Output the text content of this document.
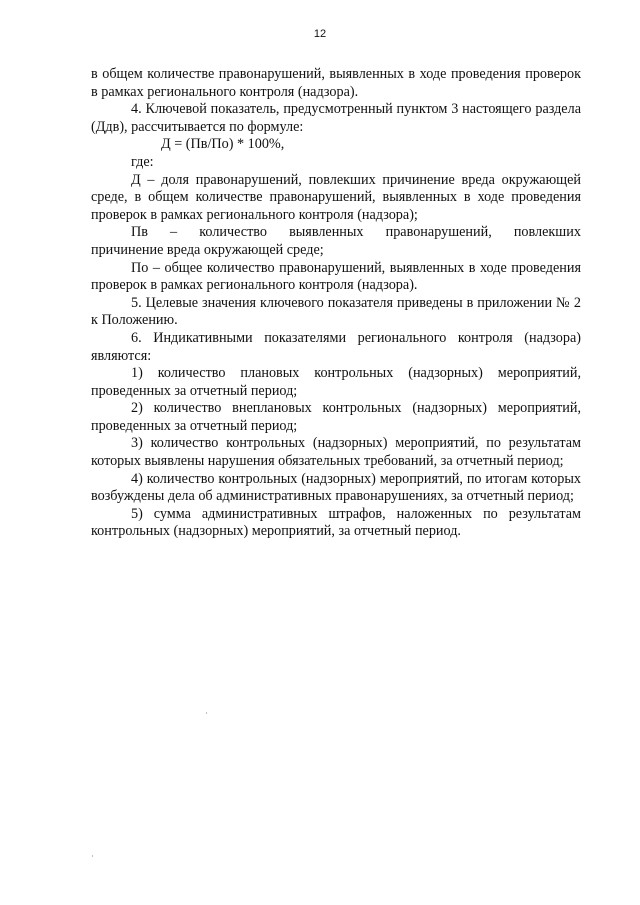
12

в общем количестве правонарушений, выявленных в ходе проведения проверок в рамках регионального контроля (надзора).

4. Ключевой показатель, предусмотренный пунктом 3 настоящего раздела (Ддв), рассчитывается по формуле:

Д = (Пв/По) * 100%,

где:

Д – доля правонарушений, повлекших причинение вреда окружающей среде, в общем количестве правонарушений, выявленных в ходе проведения проверок в рамках регионального контроля (надзора);

Пв – количество выявленных правонарушений, повлекших

причинение вреда окружающей среде;

По – общее количество правонарушений, выявленных в ходе проведения проверок в рамках регионального контроля (надзора).

5. Целевые значения ключевого показателя приведены в приложении № 2 к Положению.

6. Индикативными показателями регионального контроля (надзора) являются:

1) количество плановых контрольных (надзорных) мероприятий, проведенных за отчетный период;

2) количество внеплановых контрольных (надзорных) мероприятий, проведенных за отчетный период;

3) количество контрольных (надзорных) мероприятий, по результатам которых выявлены нарушения обязательных требований, за отчетный период;

4) количество контрольных (надзорных) мероприятий, по итогам которых возбуждены дела об административных правонарушениях, за отчетный период;

5) сумма административных штрафов, наложенных по результатам контрольных (надзорных) мероприятий, за отчетный период.
